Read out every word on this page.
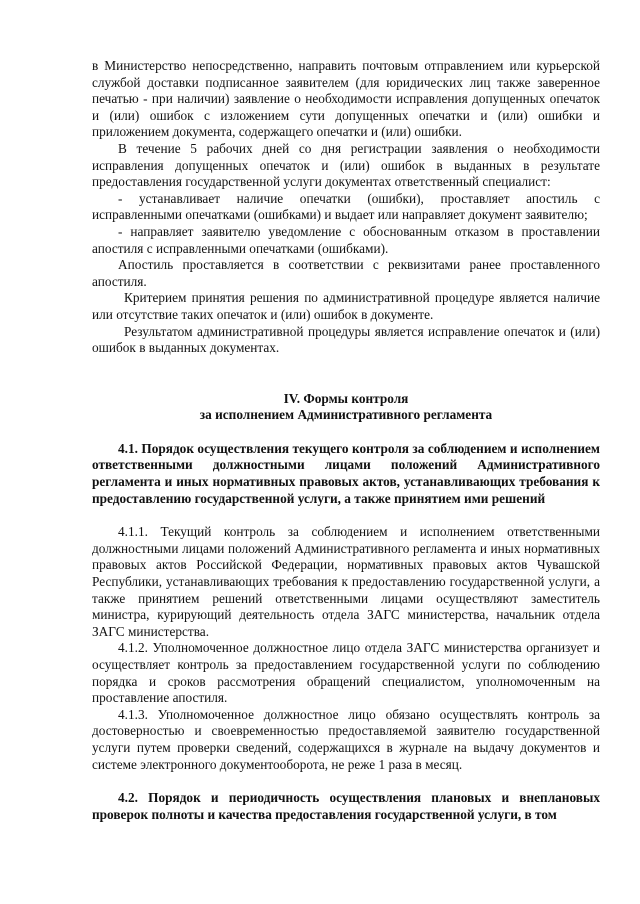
в Министерство непосредственно, направить почтовым отправлением или курьерской службой доставки подписанное заявителем (для юридических лиц также заверенное печатью - при наличии) заявление о необходимости исправления допущенных опечаток и (или) ошибок с изложением сути допущенных опечатки и (или) ошибки и приложением документа, содержащего опечатки и (или) ошибки.

В течение 5 рабочих дней со дня регистрации заявления о необходимости исправления допущенных опечаток и (или) ошибок в выданных в результате предоставления государственной услуги документах ответственный специалист:

- устанавливает наличие опечатки (ошибки), проставляет апостиль с исправленными опечатками (ошибками) и выдает или направляет документ заявителю;

- направляет заявителю уведомление с обоснованным отказом в проставлении апостиля с исправленными опечатками (ошибками).

Апостиль проставляется в соответствии с реквизитами ранее проставленного апостиля.

Критерием принятия решения по административной процедуре является наличие или отсутствие таких опечаток и (или) ошибок в документе.

Результатом административной процедуры является исправление опечаток и (или) ошибок в выданных документах.

IV. Формы контроля

за исполнением Административного регламента

4.1. Порядок осуществления текущего контроля за соблюдением и исполнением ответственными должностными лицами положений Административного регламента и иных нормативных правовых актов, устанавливающих требования к предоставлению государственной услуги, а также принятием ими решений

4.1.1. Текущий контроль за соблюдением и исполнением ответственными должностными лицами положений Административного регламента и иных нормативных правовых актов Российской Федерации, нормативных правовых актов Чувашской Республики, устанавливающих требования к предоставлению государственной услуги, а также принятием решений ответственными лицами осуществляют заместитель министра, курирующий деятельность отдела ЗАГС министерства, начальник отдела ЗАГС министерства.

4.1.2. Уполномоченное должностное лицо отдела ЗАГС министерства организует и осуществляет контроль за предоставлением государственной услуги по соблюдению порядка и сроков рассмотрения обращений специалистом, уполномоченным на проставление апостиля.

4.1.3. Уполномоченное должностное лицо обязано осуществлять контроль за достоверностью и своевременностью предоставляемой заявителю государственной услуги путем проверки сведений, содержащихся в журнале на выдачу документов и системе электронного документооборота, не реже 1 раза в месяц.

4.2. Порядок и периодичность осуществления плановых и внеплановых проверок полноты и качества предоставления государственной услуги, в том
